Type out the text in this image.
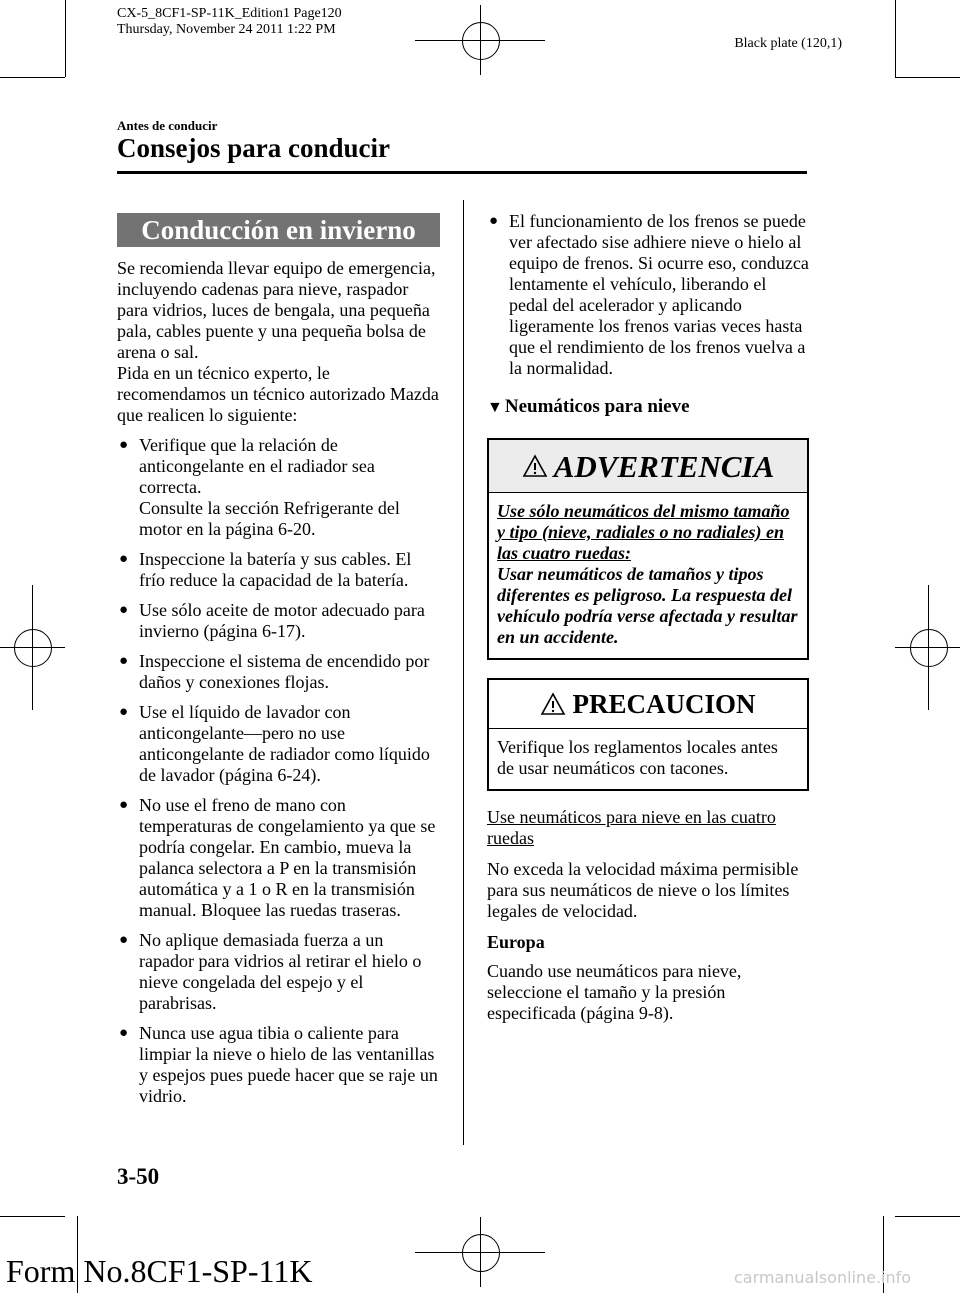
CX-5_8CF1-SP-11K_Edition1 Page120
Thursday, November 24 2011 1:22 PM
Black plate (120,1)
Antes de conducir
Consejos para conducir
Conducción en invierno

Se recomienda llevar equipo de emergencia, incluyendo cadenas para nieve, raspador para vidrios, luces de bengala, una pequeña pala, cables puente y una pequeña bolsa de arena o sal.

Pida en un técnico experto, le recomendamos un técnico autorizado Mazda que realicen lo siguiente:

● Verifique que la relación de anticongelante en el radiador sea correcta.
Consulte la sección Refrigerante del motor en la página 6-20.
● Inspeccione la batería y sus cables. El frío reduce la capacidad de la batería.
● Use sólo aceite de motor adecuado para invierno (página 6-17).
● Inspeccione el sistema de encendido por daños y conexiones flojas.
● Use el líquido de lavador con anticongelante―pero no use anticongelante de radiador como líquido de lavador (página 6-24).
● No use el freno de mano con temperaturas de congelamiento ya que se podría congelar. En cambio, mueva la palanca selectora a P en la transmisión automática y a 1 o R en la transmisión manual. Bloquee las ruedas traseras.
● No aplique demasiada fuerza a un rapador para vidrios al retirar el hielo o nieve congelada del espejo y el parabrisas.
● Nunca use agua tibia o caliente para limpiar la nieve o hielo de las ventanillas y espejos pues puede hacer que se raje un vidrio.
● El funcionamiento de los frenos se puede ver afectado sise adhiere nieve o hielo al equipo de frenos. Si ocurre eso, conduzca lentamente el vehículo, liberando el pedal del acelerador y aplicando ligeramente los frenos varias veces hasta que el rendimiento de los frenos vuelva a la normalidad.
▼ Neumáticos para nieve
ADVERTENCIA
Use sólo neumáticos del mismo tamaño y tipo (nieve, radiales o no radiales) en las cuatro ruedas:
Usar neumáticos de tamaños y tipos diferentes es peligroso. La respuesta del vehículo podría verse afectada y resultar en un accidente.
PRECAUCION
Verifique los reglamentos locales antes de usar neumáticos con tacones.

Use neumáticos para nieve en las cuatro ruedas

No exceda la velocidad máxima permisible para sus neumáticos de nieve o los límites legales de velocidad.

Europa

Cuando use neumáticos para nieve, seleccione el tamaño y la presión especificada (página 9-8).

3-50
Form No.8CF1-SP-11K	carmanualsonline.info
